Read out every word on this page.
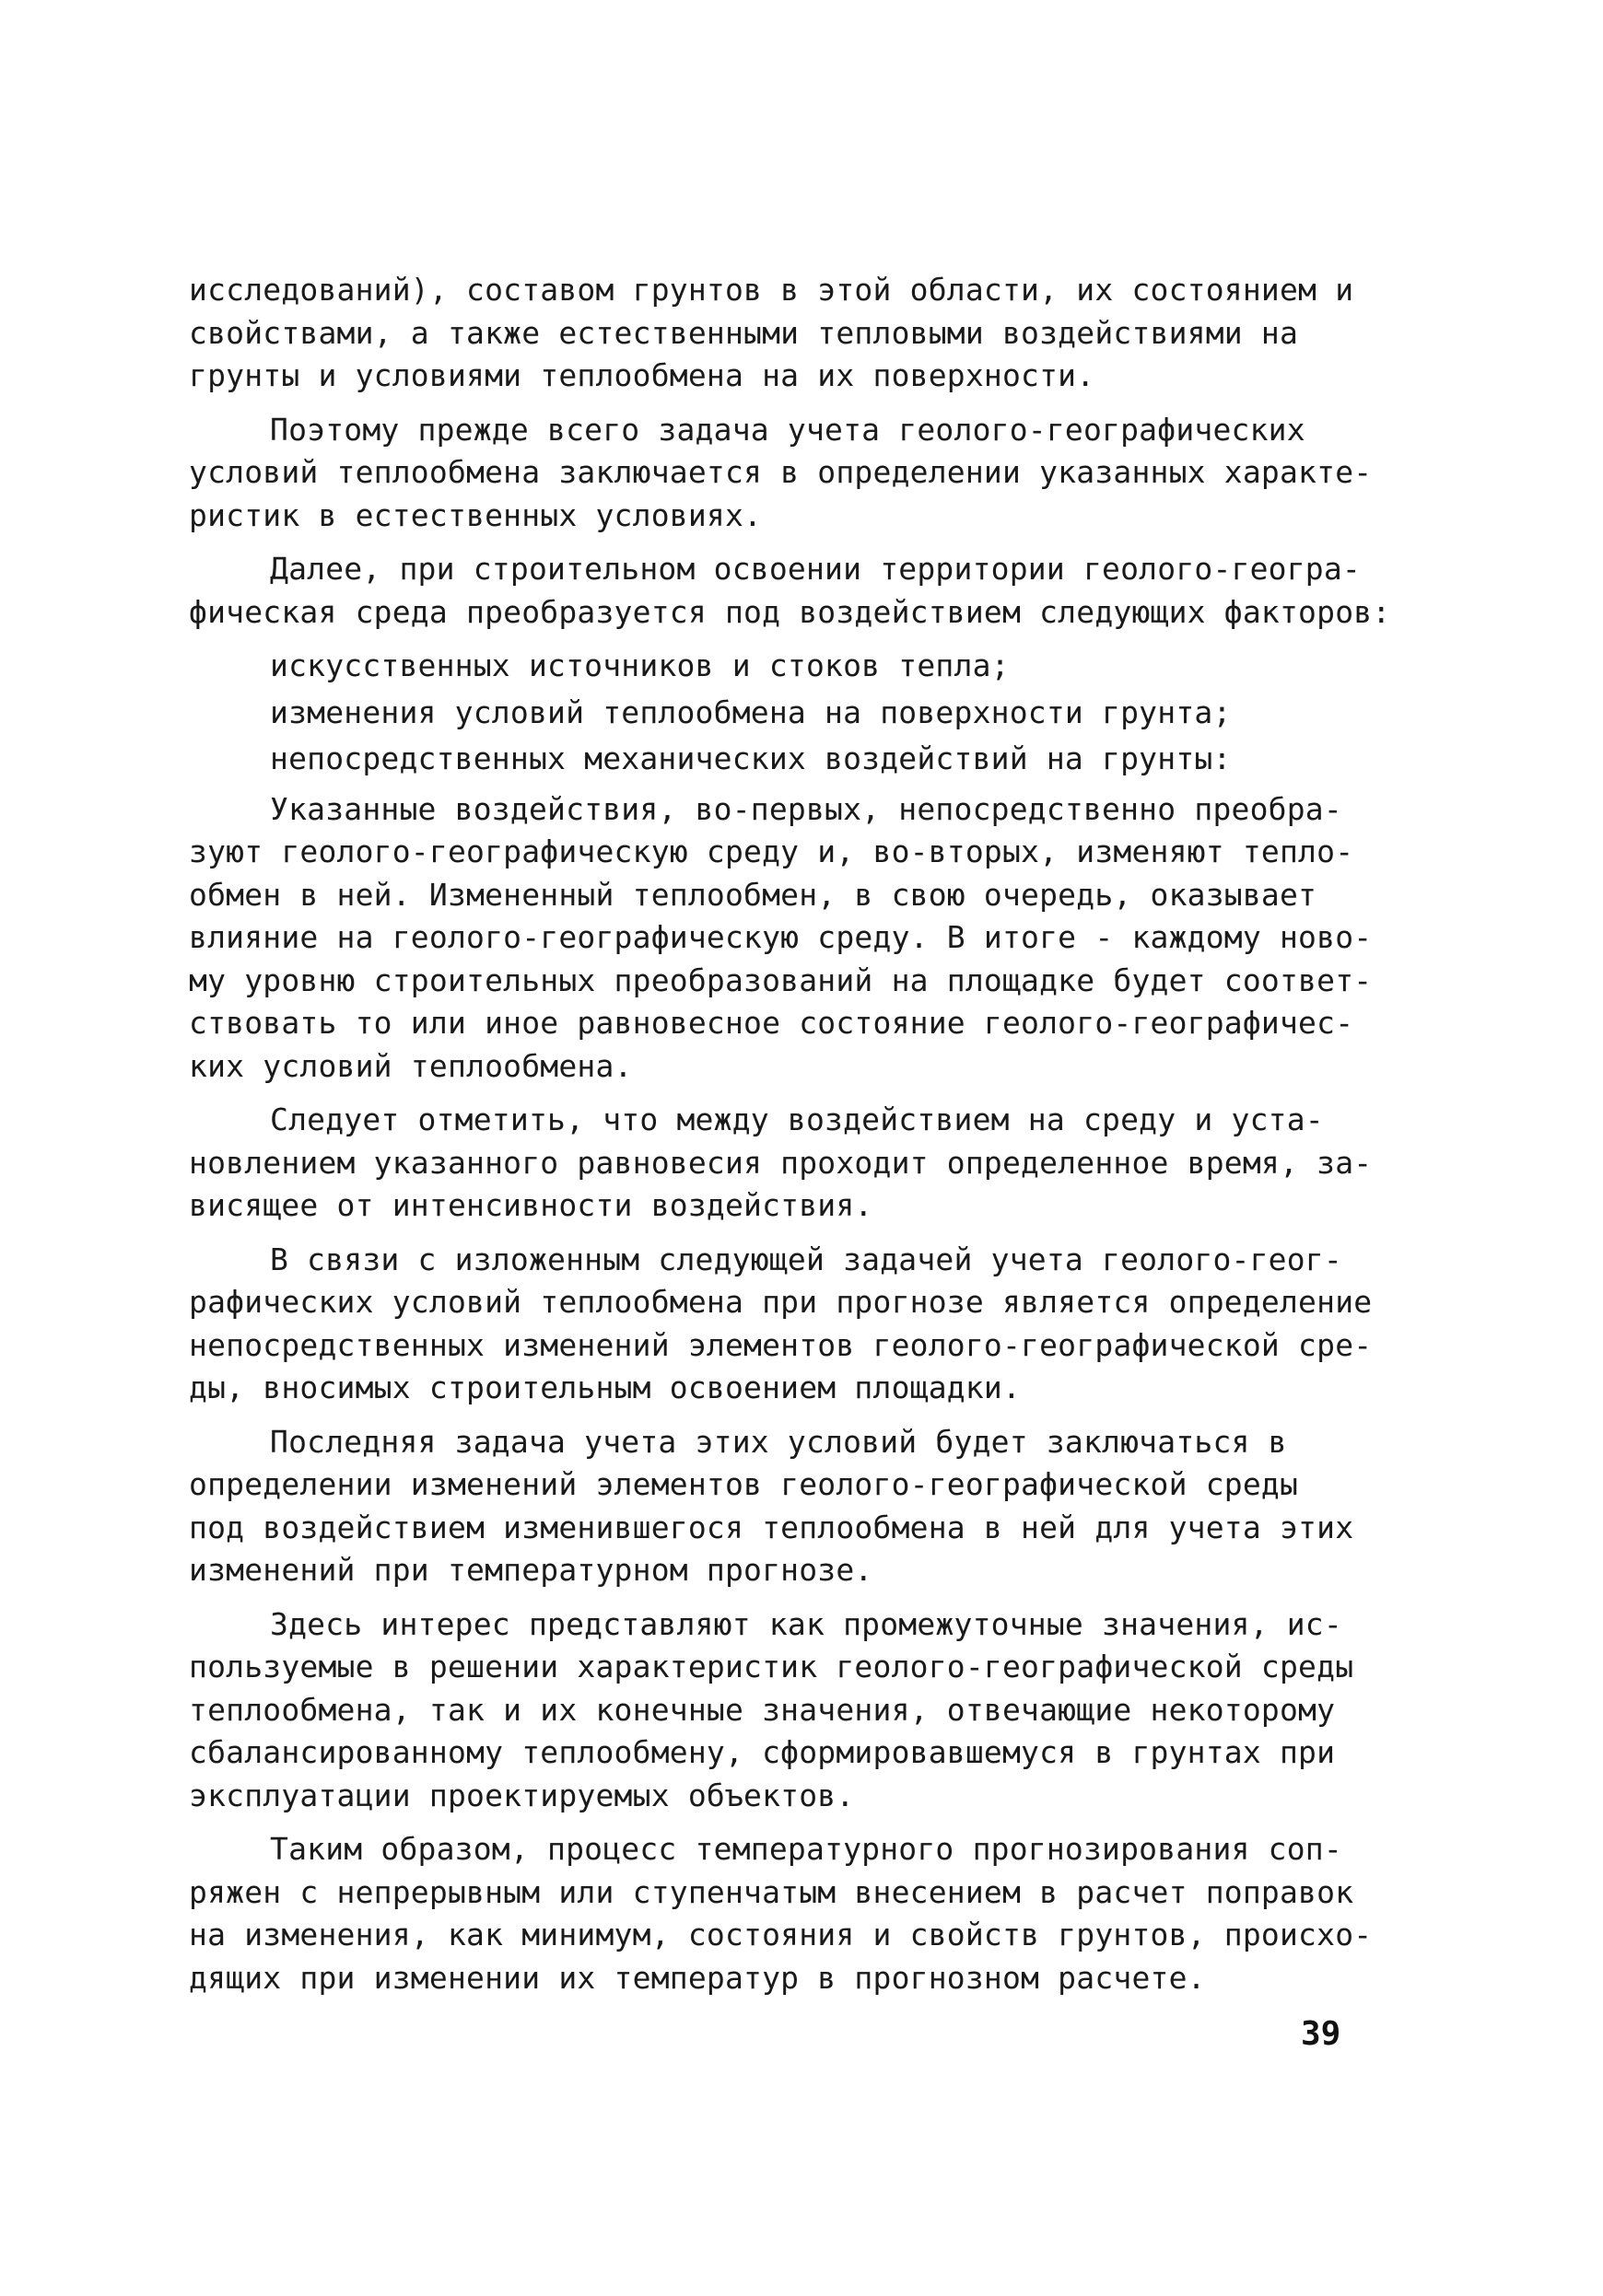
исследований), составом грунтов в этой области, их состоянием и
свойствами, а также естественными тепловыми воздействиями на
грунты и условиями теплообмена на их поверхности.

Поэтому прежде всего задача учета геолого-географических
условий теплообмена заключается в определении указанных характе-
ристик в естественных условиях.

Далее, при строительном освоении территории геолого-геогра-
фическая среда преобразуется под воздействием следующих факторов:

искусственных источников и стоков тепла;
изменения условий теплообмена на поверхности грунта;
непосредственных механических воздействий на грунты:

Указанные воздействия, во-первых, непосредственно преобра-
зуют геолого-географическую среду и, во-вторых, изменяют тепло-
обмен в ней. Измененный теплообмен, в свою очередь, оказывает
влияние на геолого-географическую среду. В итоге - каждому ново-
му уровню строительных преобразований на площадке будет соответ-
ствовать то или иное равновесное состояние геолого-географичес-
ких условий теплообмена.

Следует отметить, что между воздействием на среду и уста-
новлением указанного равновесия проходит определенное время, за-
висящее от интенсивности воздействия.

В связи с изложенным следующей задачей учета геолого-геог-
рафических условий теплообмена при прогнозе является определение
непосредственных изменений элементов геолого-географической сре-
ды, вносимых строительным освоением площадки.

Последняя задача учета этих условий будет заключаться в
определении изменений элементов геолого-географической среды
под воздействием изменившегося теплообмена в ней для учета этих
изменений при температурном прогнозе.

Здесь интерес представляют как промежуточные значения, ис-
пользуемые в решении характеристик геолого-географической среды
теплообмена, так и их конечные значения, отвечающие некоторому
сбалансированному теплообмену, сформировавшемуся в грунтах при
эксплуатации проектируемых объектов.

Таким образом, процесс температурного прогнозирования соп-
ряжен с непрерывным или ступенчатым внесением в расчет поправок
на изменения, как минимум, состояния и свойств грунтов, происхо-
дящих при изменении их температур в прогнозном расчете.

39
